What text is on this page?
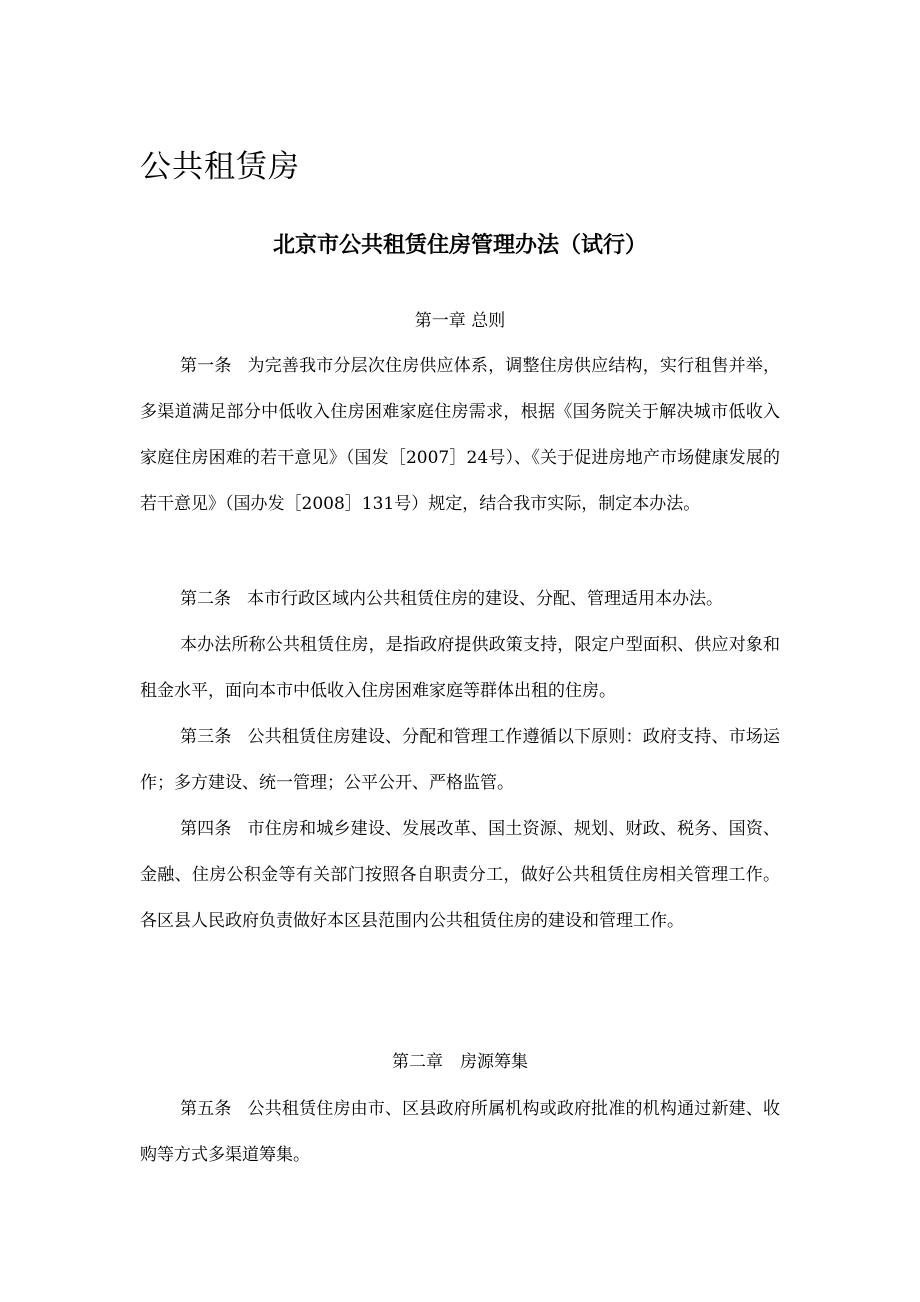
公共租赁房
北京市公共租赁住房管理办法（试行）

第一章 总则

第一条 为完善我市分层次住房供应体系，调整住房供应结构，实行租售并举，多渠道满足部分中低收入住房困难家庭住房需求，根据《国务院关于解决城市低收入家庭住房困难的若干意见》（国发［2007］24号）、《关于促进房地产市场健康发展的若干意见》（国办发［2008］131号）规定，结合我市实际，制定本办法。

第二条 本市行政区域内公共租赁住房的建设、分配、管理适用本办法。

本办法所称公共租赁住房，是指政府提供政策支持，限定户型面积、供应对象和租金水平，面向本市中低收入住房困难家庭等群体出租的住房。

第三条 公共租赁住房建设、分配和管理工作遵循以下原则：政府支持、市场运作；多方建设、统一管理；公平公开、严格监管。

第四条 市住房和城乡建设、发展改革、国土资源、规划、财政、税务、国资、金融、住房公积金等有关部门按照各自职责分工，做好公共租赁住房相关管理工作。各区县人民政府负责做好本区县范围内公共租赁住房的建设和管理工作。

第二章　房源筹集

第五条 公共租赁住房由市、区县政府所属机构或政府批准的机构通过新建、收购等方式多渠道筹集。
